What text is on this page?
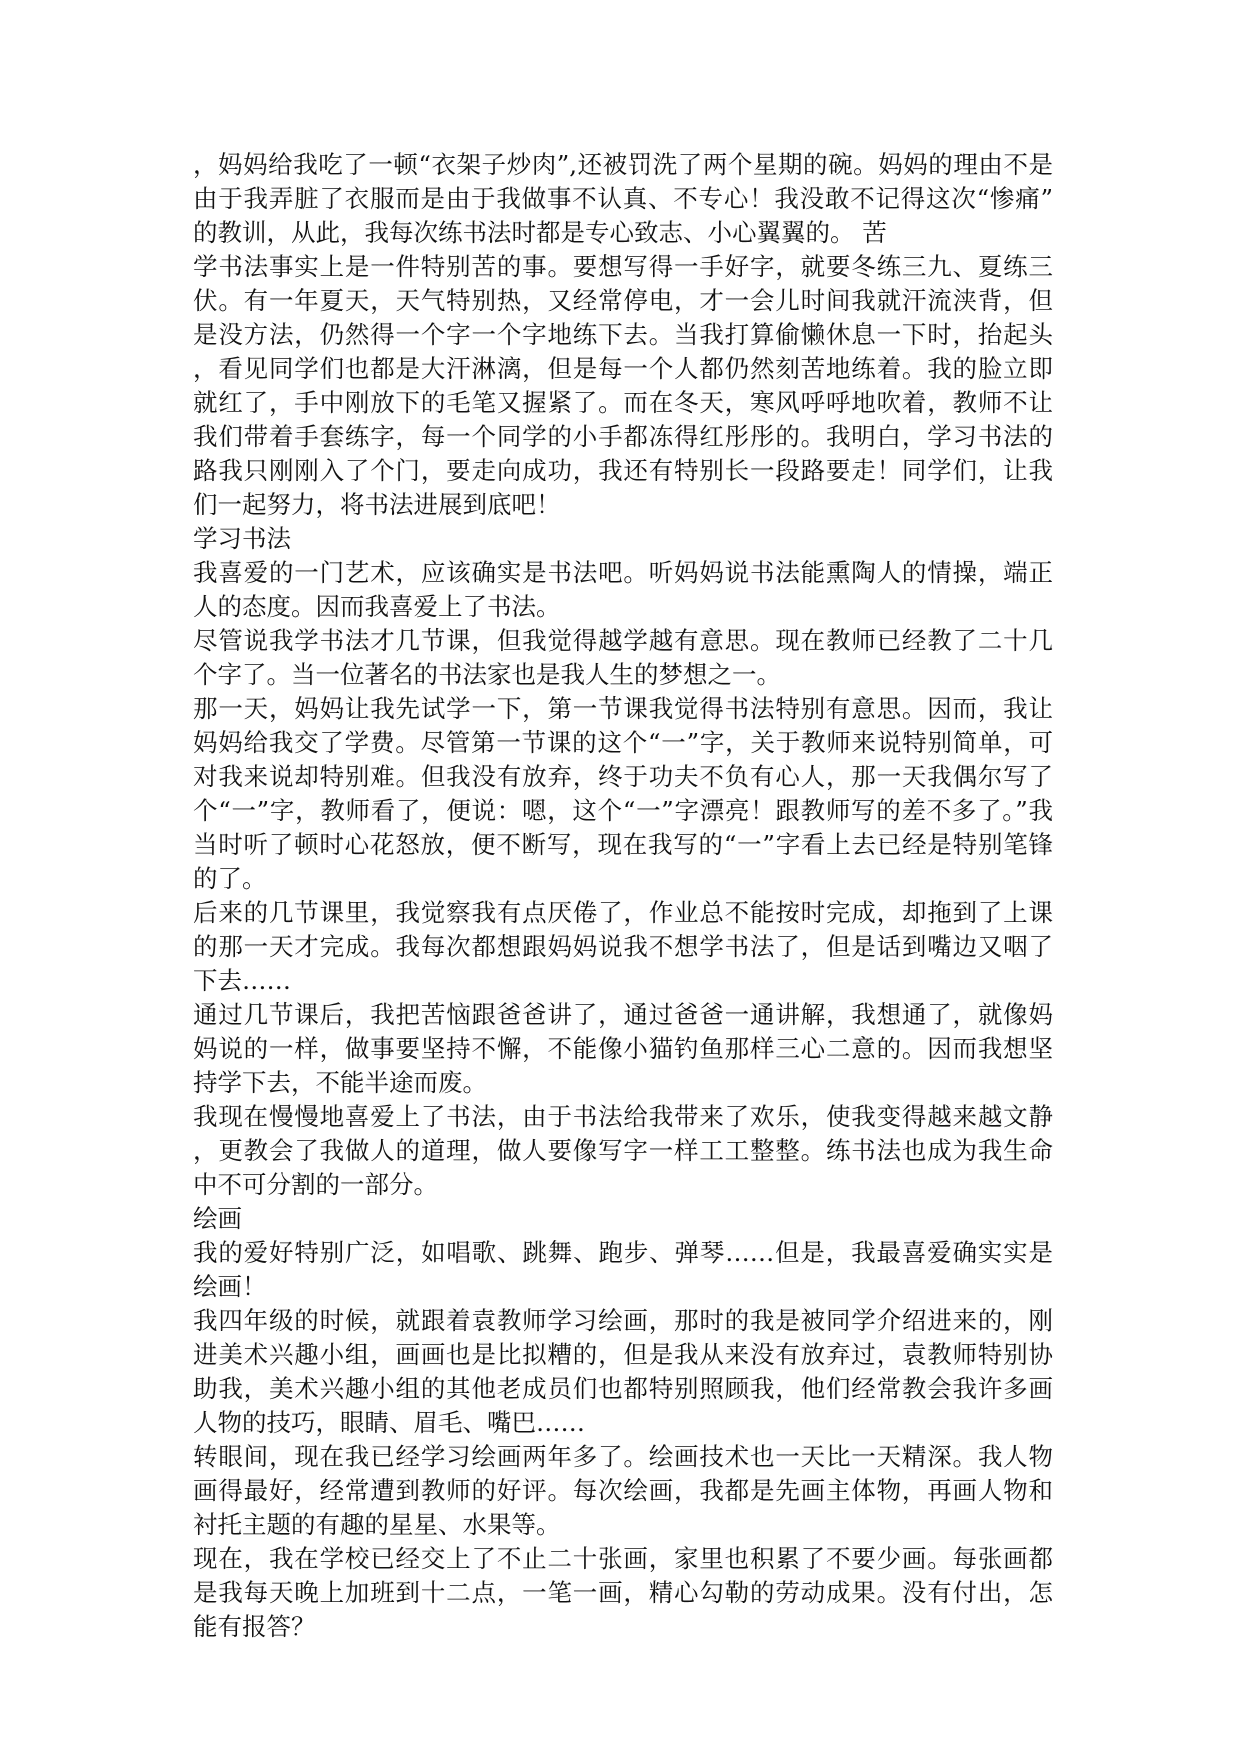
，妈妈给我吃了一顿“衣架子炒肉”,还被罚洗了两个星期的碗。妈妈的理由不是
由于我弄脏了衣服而是由于我做事不认真、不专心！我没敢不记得这次“惨痛”
的教训，从此，我每次练书法时都是专心致志、小心翼翼的。 苦
学书法事实上是一件特别苦的事。要想写得一手好字，就要冬练三九、夏练三
伏。有一年夏天，天气特别热，又经常停电，才一会儿时间我就汗流浃背，但
是没方法，仍然得一个字一个字地练下去。当我打算偷懒休息一下时，抬起头
，看见同学们也都是大汗淋漓，但是每一个人都仍然刻苦地练着。我的脸立即
就红了，手中刚放下的毛笔又握紧了。而在冬天，寒风呼呼地吹着，教师不让
我们带着手套练字，每一个同学的小手都冻得红彤彤的。我明白，学习书法的
路我只刚刚入了个门，要走向成功，我还有特别长一段路要走！同学们，让我
们一起努力，将书法进展到底吧！
学习书法
我喜爱的一门艺术，应该确实是书法吧。听妈妈说书法能熏陶人的情操，端正
人的态度。因而我喜爱上了书法。
尽管说我学书法才几节课，但我觉得越学越有意思。现在教师已经教了二十几
个字了。当一位著名的书法家也是我人生的梦想之一。
那一天，妈妈让我先试学一下，第一节课我觉得书法特别有意思。因而，我让
妈妈给我交了学费。尽管第一节课的这个“一”字，关于教师来说特别简单，可
对我来说却特别难。但我没有放弃，终于功夫不负有心人，那一天我偶尔写了
个“一”字，教师看了，便说：嗯，这个“一”字漂亮！跟教师写的差不多了。”我
当时听了顿时心花怒放，便不断写，现在我写的“一”字看上去已经是特别笔锋
的了。
后来的几节课里，我觉察我有点厌倦了，作业总不能按时完成，却拖到了上课
的那一天才完成。我每次都想跟妈妈说我不想学书法了，但是话到嘴边又咽了
下去……
通过几节课后，我把苦恼跟爸爸讲了，通过爸爸一通讲解，我想通了，就像妈
妈说的一样，做事要坚持不懈，不能像小猫钓鱼那样三心二意的。因而我想坚
持学下去，不能半途而废。
我现在慢慢地喜爱上了书法，由于书法给我带来了欢乐，使我变得越来越文静
，更教会了我做人的道理，做人要像写字一样工工整整。练书法也成为我生命
中不可分割的一部分。
绘画
我的爱好特别广泛，如唱歌、跳舞、跑步、弹琴……但是，我最喜爱确实实是
绘画！
我四年级的时候，就跟着袁教师学习绘画，那时的我是被同学介绍进来的，刚
进美术兴趣小组，画画也是比拟糟的，但是我从来没有放弃过，袁教师特别协
助我，美术兴趣小组的其他老成员们也都特别照顾我，他们经常教会我许多画
人物的技巧，眼睛、眉毛、嘴巴……
转眼间，现在我已经学习绘画两年多了。绘画技术也一天比一天精深。我人物
画得最好，经常遭到教师的好评。每次绘画，我都是先画主体物，再画人物和
衬托主题的有趣的星星、水果等。
现在，我在学校已经交上了不止二十张画，家里也积累了不要少画。每张画都
是我每天晚上加班到十二点，一笔一画，精心勾勒的劳动成果。没有付出，怎
能有报答？
